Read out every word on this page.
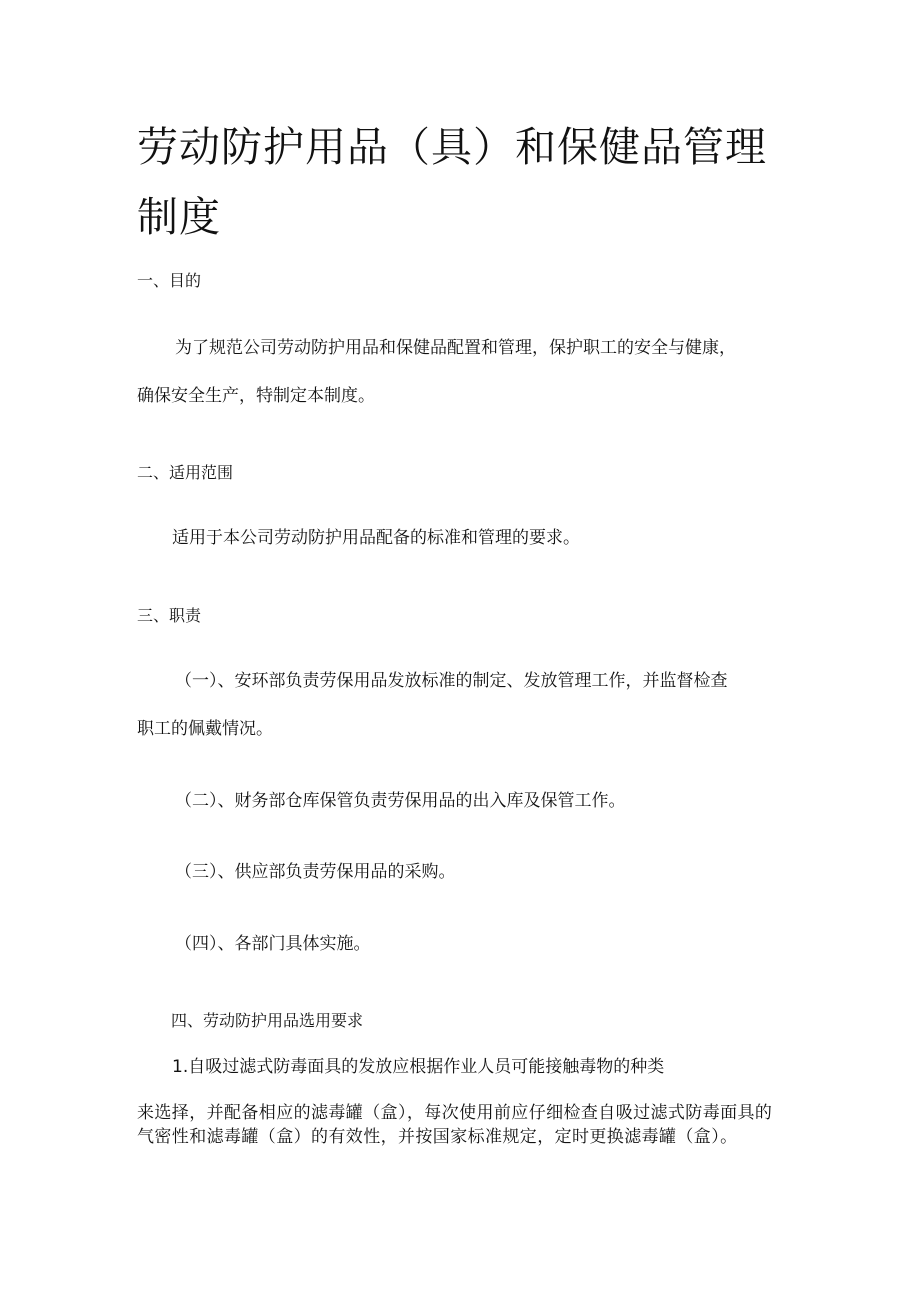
劳动防护用品（具）和保健品管理
制度

一、目的

为了规范公司劳动防护用品和保健品配置和管理，保护职工的安全与健康，

确保安全生产，特制定本制度。

二、适用范围

适用于本公司劳动防护用品配备的标准和管理的要求。

三、职责

（一）、安环部负责劳保用品发放标准的制定、发放管理工作，并监督检查

职工的佩戴情况。

（二）、财务部仓库保管负责劳保用品的出入库及保管工作。

（三）、供应部负责劳保用品的采购。

（四）、各部门具体实施。

四、劳动防护用品选用要求

1.自吸过滤式防毒面具的发放应根据作业人员可能接触毒物的种类

来选择，并配备相应的滤毒罐（盒），每次使用前应仔细检查自吸过滤式防毒面具的气密性和滤毒罐（盒）的有效性，并按国家标准规定，定时更换滤毒罐（盒）。
